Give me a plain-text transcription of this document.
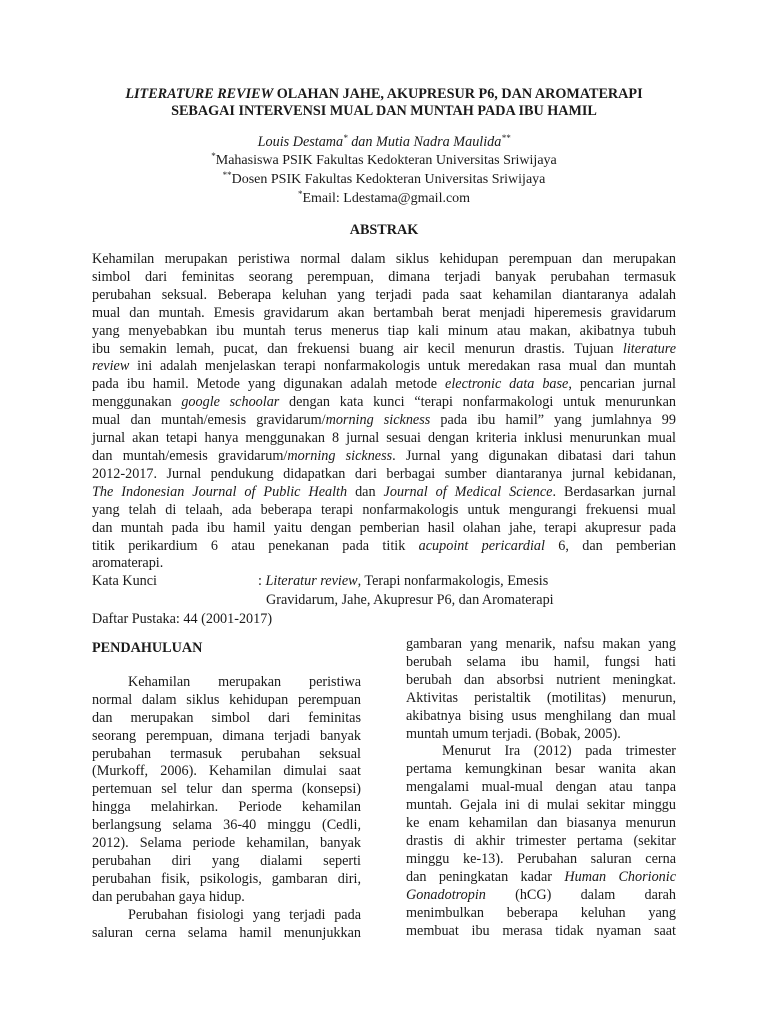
LITERATURE REVIEW OLAHAN JAHE, AKUPRESUR P6, DAN AROMATERAPI
SEBAGAI INTERVENSI MUAL DAN MUNTAH PADA IBU HAMIL
Louis Destama* dan Mutia Nadra Maulida**
*Mahasiswa PSIK Fakultas Kedokteran Universitas Sriwijaya
**Dosen PSIK Fakultas Kedokteran Universitas Sriwijaya
*Email: Ldestama@gmail.com
ABSTRAK
Kehamilan merupakan peristiwa normal dalam siklus kehidupan perempuan dan merupakan
simbol dari feminitas seorang perempuan, dimana terjadi banyak perubahan termasuk
perubahan seksual. Beberapa keluhan yang terjadi pada saat kehamilan diantaranya adalah
mual dan muntah. Emesis gravidarum akan bertambah berat menjadi hiperemesis gravidarum
yang menyebabkan ibu muntah terus menerus tiap kali minum atau makan, akibatnya tubuh
ibu semakin lemah, pucat, dan frekuensi buang air kecil menurun drastis. Tujuan literature
review ini adalah menjelaskan terapi nonfarmakologis untuk meredakan rasa mual dan muntah
pada ibu hamil. Metode yang digunakan adalah metode electronic data base, pencarian jurnal
menggunakan google schoolar dengan kata kunci “terapi nonfarmakologi untuk menurunkan
mual dan muntah/emesis gravidarum/morning sickness pada ibu hamil” yang jumlahnya 99
jurnal akan tetapi hanya menggunakan 8 jurnal sesuai dengan kriteria inklusi menurunkan mual
dan muntah/emesis gravidarum/morning sickness. Jurnal yang digunakan dibatasi dari tahun
2012-2017. Jurnal pendukung didapatkan dari berbagai sumber diantaranya jurnal kebidanan,
The Indonesian Journal of Public Health dan Journal of Medical Science. Berdasarkan jurnal
yang telah di telaah, ada beberapa terapi nonfarmakologis untuk mengurangi frekuensi mual
dan muntah pada ibu hamil yaitu dengan pemberian hasil olahan jahe, terapi akupresur pada
titik perikardium 6 atau penekanan pada titik acupoint pericardial 6, dan pemberian
aromaterapi.
Kata Kunci	: Literatur review, Terapi nonfarmakologis, Emesis
Gravidarum, Jahe, Akupresur P6, dan Aromaterapi
Daftar Pustaka: 44 (2001-2017)
PENDAHULUAN
Kehamilan merupakan peristiwa
normal dalam siklus kehidupan perempuan
dan merupakan simbol dari feminitas
seorang perempuan, dimana terjadi banyak
perubahan termasuk perubahan seksual
(Murkoff, 2006). Kehamilan dimulai saat
pertemuan sel telur dan sperma (konsepsi)
hingga melahirkan. Periode kehamilan
berlangsung selama 36-40 minggu (Cedli,
2012). Selama periode kehamilan, banyak
perubahan diri yang dialami seperti
perubahan fisik, psikologis, gambaran diri,
dan perubahan gaya hidup.
Perubahan fisiologi yang terjadi pada
saluran cerna selama hamil menunjukkan
gambaran yang menarik, nafsu makan yang
berubah selama ibu hamil, fungsi hati
berubah dan absorbsi nutrient meningkat.
Aktivitas peristaltik (motilitas) menurun,
akibatnya bising usus menghilang dan mual
muntah umum terjadi. (Bobak, 2005).
Menurut Ira (2012) pada trimester
pertama kemungkinan besar wanita akan
mengalami mual-mual dengan atau tanpa
muntah. Gejala ini di mulai sekitar minggu
ke enam kehamilan dan biasanya menurun
drastis di akhir trimester pertama (sekitar
minggu ke-13). Perubahan saluran cerna
dan peningkatan kadar Human Chorionic
Gonadotropin (hCG) dalam darah
menimbulkan beberapa keluhan yang
membuat ibu merasa tidak nyaman saat
